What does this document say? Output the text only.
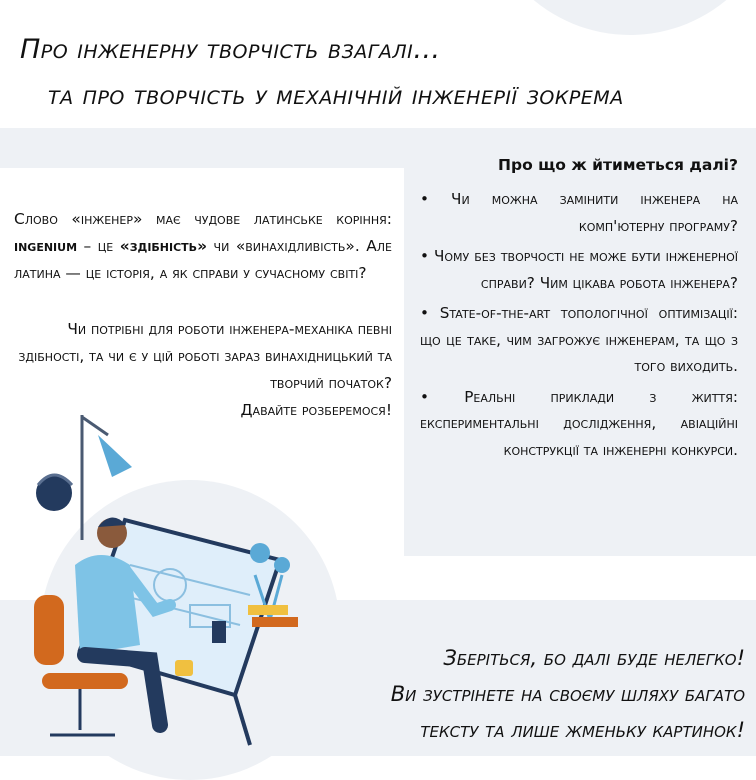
Про інженерну творчість взагалі…
та про творчість у механічній інженерії зокрема
Слово «інженер» має чудове латинське коріння: ingenium – це «здібність» чи «винахідливість». Але латина — це історія, а як справи у сучасному світі?
Чи потрібні для роботи інженера-механіка певні здібності, та чи є у цій роботі зараз винахідницький та творчий початок?
Давайте розберемося!
Про що ж йтиметься далі?
• Чи можна замінити інженера на комп'ютерну програму?
• Чому без творчості не може бути інженерної справи? Чим цікава робота інженера?
• State-of-the-art топологічної оптимізації: що це таке, чим загрожує інженерам, та що з того виходить.
• Реальні приклади з життя: експериментальні дослідження, авіаційні конструкції та інженерні конкурси.
Зберіться, бо далі буде нелегко!
Ви зустрінете на своєму шляху багато
тексту та лише жменьку картинок!
